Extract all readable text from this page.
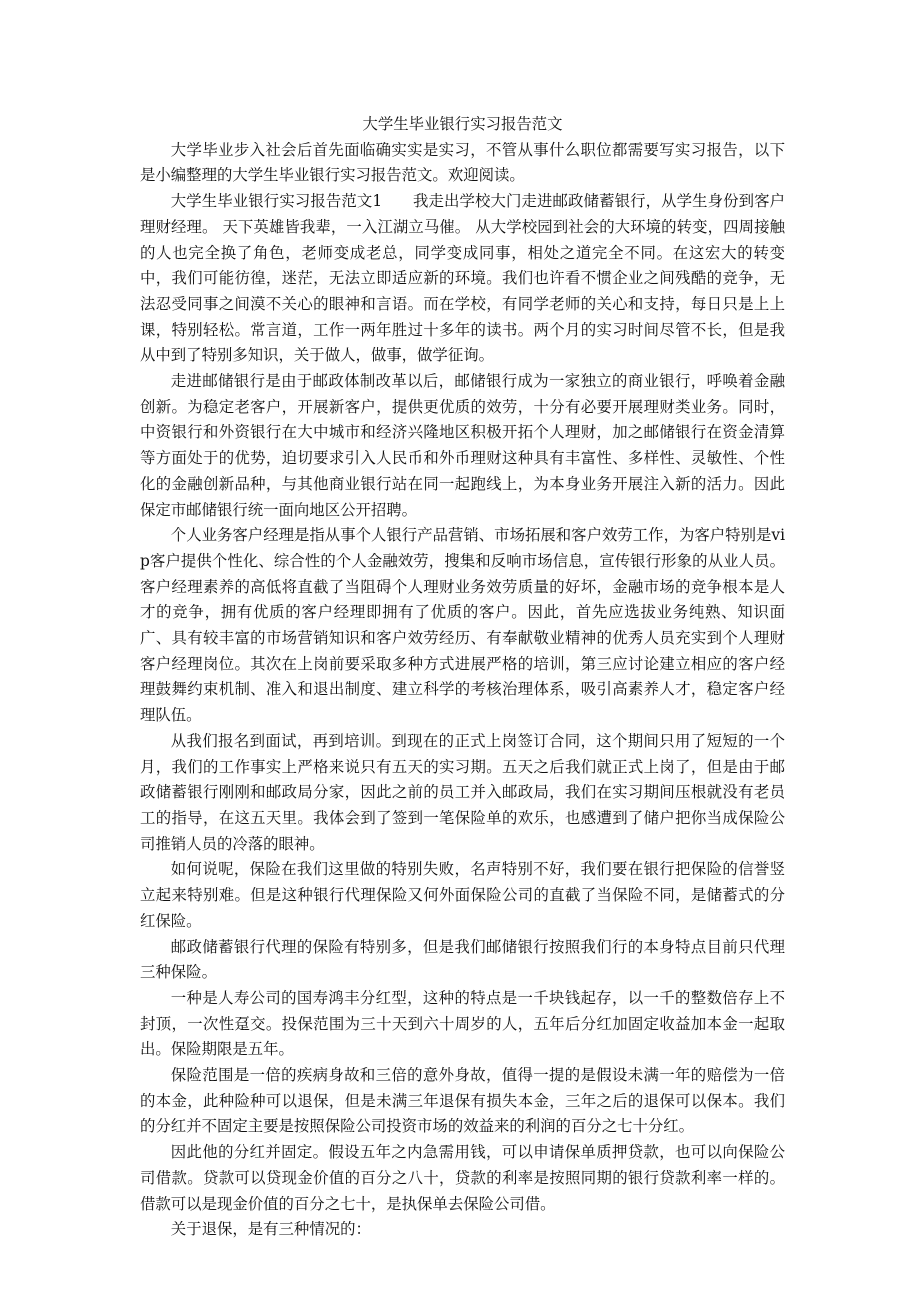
大学生毕业银行实习报告范文

大学毕业步入社会后首先面临确实实是实习，不管从事什么职位都需要写实习报告，以下是小编整理的大学生毕业银行实习报告范文。欢迎阅读。

大学生毕业银行实习报告范文1 我走出学校大门走进邮政储蓄银行，从学生身份到客户理财经理。 天下英雄皆我辈，一入江湖立马催。 从大学校园到社会的大环境的转变，四周接触的人也完全换了角色，老师变成老总，同学变成同事，相处之道完全不同。在这宏大的转变中，我们可能彷徨，迷茫，无法立即适应新的环境。我们也许看不惯企业之间残酷的竞争，无法忍受同事之间漠不关心的眼神和言语。而在学校，有同学老师的关心和支持，每日只是上上课，特别轻松。常言道，工作一两年胜过十多年的读书。两个月的实习时间尽管不长，但是我从中到了特别多知识，关于做人，做事，做学征询。

走进邮储银行是由于邮政体制改革以后，邮储银行成为一家独立的商业银行，呼唤着金融创新。为稳定老客户，开展新客户，提供更优质的效劳，十分有必要开展理财类业务。同时，中资银行和外资银行在大中城市和经济兴隆地区积极开拓个人理财，加之邮储银行在资金清算等方面处于的优势，迫切要求引入人民币和外币理财这种具有丰富性、多样性、灵敏性、个性化的金融创新品种，与其他商业银行站在同一起跑线上，为本身业务开展注入新的活力。因此保定市邮储银行统一面向地区公开招聘。

个人业务客户经理是指从事个人银行产品营销、市场拓展和客户效劳工作，为客户特别是vip客户提供个性化、综合性的个人金融效劳，搜集和反响市场信息，宣传银行形象的从业人员。客户经理素养的高低将直截了当阻碍个人理财业务效劳质量的好坏，金融市场的竞争根本是人才的竞争，拥有优质的客户经理即拥有了优质的客户。因此，首先应选拔业务纯熟、知识面广、具有较丰富的市场营销知识和客户效劳经历、有奉献敬业精神的优秀人员充实到个人理财客户经理岗位。其次在上岗前要采取多种方式进展严格的培训，第三应讨论建立相应的客户经理鼓舞约束机制、准入和退出制度、建立科学的考核治理体系，吸引高素养人才，稳定客户经理队伍。

从我们报名到面试，再到培训。到现在的正式上岗签订合同，这个期间只用了短短的一个月，我们的工作事实上严格来说只有五天的实习期。五天之后我们就正式上岗了，但是由于邮政储蓄银行刚刚和邮政局分家，因此之前的员工并入邮政局，我们在实习期间压根就没有老员工的指导，在这五天里。我体会到了签到一笔保险单的欢乐，也感遭到了储户把你当成保险公司推销人员的冷落的眼神。

如何说呢，保险在我们这里做的特别失败，名声特别不好，我们要在银行把保险的信誉竖立起来特别难。但是这种银行代理保险又何外面保险公司的直截了当保险不同，是储蓄式的分红保险。

邮政储蓄银行代理的保险有特别多，但是我们邮储银行按照我们行的本身特点目前只代理三种保险。

一种是人寿公司的国寿鸿丰分红型，这种的特点是一千块钱起存，以一千的整数倍存上不封顶，一次性趸交。投保范围为三十天到六十周岁的人，五年后分红加固定收益加本金一起取出。保险期限是五年。

保险范围是一倍的疾病身故和三倍的意外身故，值得一提的是假设未满一年的赔偿为一倍的本金，此种险种可以退保，但是未满三年退保有损失本金，三年之后的退保可以保本。我们的分红并不固定主要是按照保险公司投资市场的效益来的利润的百分之七十分红。

因此他的分红并固定。假设五年之内急需用钱，可以申请保单质押贷款，也可以向保险公司借款。贷款可以贷现金价值的百分之八十，贷款的利率是按照同期的银行贷款利率一样的。借款可以是现金价值的百分之七十，是执保单去保险公司借。

关于退保，是有三种情况的：
